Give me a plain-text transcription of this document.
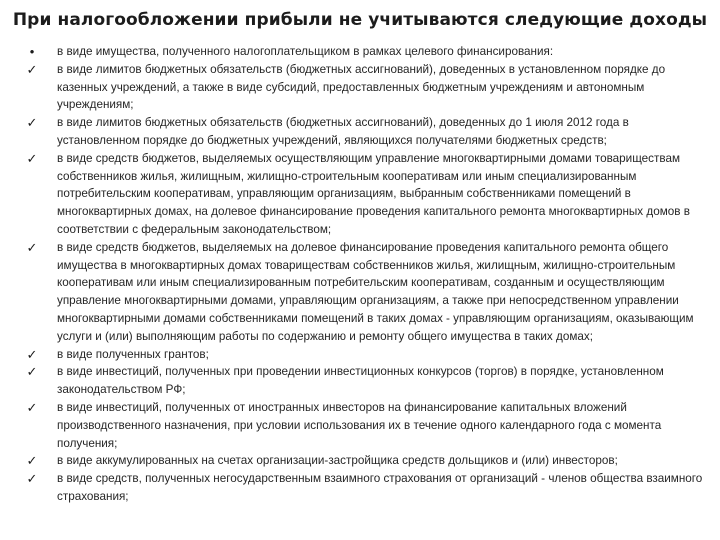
При налогообложении прибыли не учитываются следующие доходы
•	в виде имущества, полученного налогоплательщиком в рамках целевого финансирования:
✓ в виде лимитов бюджетных обязательств (бюджетных ассигнований), доведенных в установленном порядке до казенных учреждений, а также в виде субсидий, предоставленных бюджетным учреждениям и автономным учреждениям;
✓ в виде лимитов бюджетных обязательств (бюджетных ассигнований), доведенных до 1 июля 2012 года в установленном порядке до бюджетных учреждений, являющихся получателями бюджетных средств;
✓ в виде средств бюджетов, выделяемых осуществляющим управление многоквартирными домами товариществам собственников жилья, жилищным, жилищно-строительным кооперативам или иным специализированным потребительским кооперативам, управляющим организациям, выбранным собственниками помещений в многоквартирных домах, на долевое финансирование проведения капитального ремонта многоквартирных домов в соответствии с федеральным законодательством;
✓ в виде средств бюджетов, выделяемых на долевое финансирование проведения капитального ремонта общего имущества в многоквартирных домах товариществам собственников жилья, жилищным, жилищно-строительным кооперативам или иным специализированным потребительским кооперативам, созданным и осуществляющим управление многоквартирными домами, управляющим организациям, а также при непосредственном управлении многоквартирными домами собственниками помещений в таких домах - управляющим организациям, оказывающим услуги и (или) выполняющим работы по содержанию и ремонту общего имущества в таких домах;
✓ в виде полученных грантов;
✓ в виде инвестиций, полученных при проведении инвестиционных конкурсов (торгов) в порядке, установленном законодательством РФ;
✓ в виде инвестиций, полученных от иностранных инвесторов на финансирование капитальных вложений производственного назначения, при условии использования их в течение одного календарного года с момента получения;
✓ в виде аккумулированных на счетах организации-застройщика средств дольщиков и (или) инвесторов;
✓ в виде средств, полученных негосударственным взаимного страхования от организаций - членов общества взаимного страхования;
